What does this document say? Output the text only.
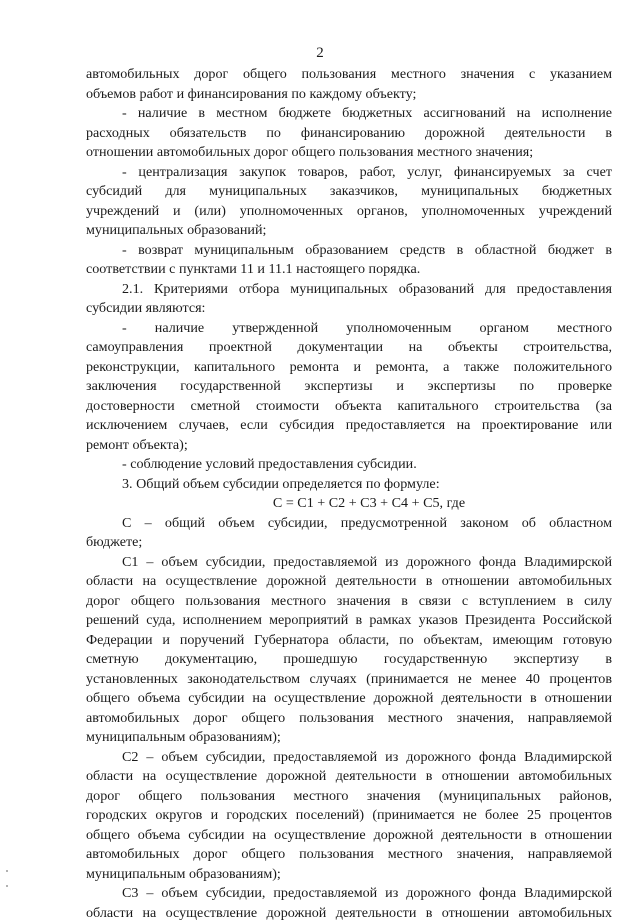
2

автомобильных дорог общего пользования местного значения с указанием

объемов работ и финансирования по каждому объекту;

- наличие в местном бюджете бюджетных ассигнований на исполнение

расходных обязательств по финансированию дорожной деятельности в

отношении автомобильных дорог общего пользования местного значения;

- централизация закупок товаров, работ, услуг, финансируемых за счет

субсидий для муниципальных заказчиков, муниципальных бюджетных

учреждений и (или) уполномоченных органов, уполномоченных учреждений

муниципальных образований;

- возврат муниципальным образованием средств в областной бюджет в

соответствии с пунктами 11 и 11.1 настоящего порядка.

2.1. Критериями отбора муниципальных образований для предоставления

субсидии являются:

- наличие утвержденной уполномоченным органом местного

самоуправления проектной документации на объекты строительства,

реконструкции, капитального ремонта и ремонта, а также положительного

заключения государственной экспертизы и экспертизы по проверке

достоверности сметной стоимости объекта капитального строительства (за

исключением случаев, если субсидия предоставляется на проектирование или

ремонт объекта);

- соблюдение условий предоставления субсидии.

3. Общий объем субсидии определяется по формуле:

С = С1 + С2 + С3 + С4 + С5, где

С – общий объем субсидии, предусмотренной законом об областном

бюджете;

С1 – объем субсидии, предоставляемой из дорожного фонда Владимирской

области на осуществление дорожной деятельности в отношении автомобильных

дорог общего пользования местного значения в связи с вступлением в силу

решений суда, исполнением мероприятий в рамках указов Президента Российской

Федерации и поручений Губернатора области, по объектам, имеющим готовую

сметную документацию, прошедшую государственную экспертизу в

установленных законодательством случаях (принимается не менее 40 процентов

общего объема субсидии на осуществление дорожной деятельности в отношении

автомобильных дорог общего пользования местного значения, направляемой

муниципальным образованиям);

С2 – объем субсидии, предоставляемой из дорожного фонда Владимирской

области на осуществление дорожной деятельности в отношении автомобильных

дорог общего пользования местного значения (муниципальных районов,

городских округов и городских поселений) (принимается не более 25 процентов

общего объема субсидии на осуществление дорожной деятельности в отношении

автомобильных дорог общего пользования местного значения, направляемой

муниципальным образованиям);

С3 – объем субсидии, предоставляемой из дорожного фонда Владимирской

области на осуществление дорожной деятельности в отношении автомобильных
